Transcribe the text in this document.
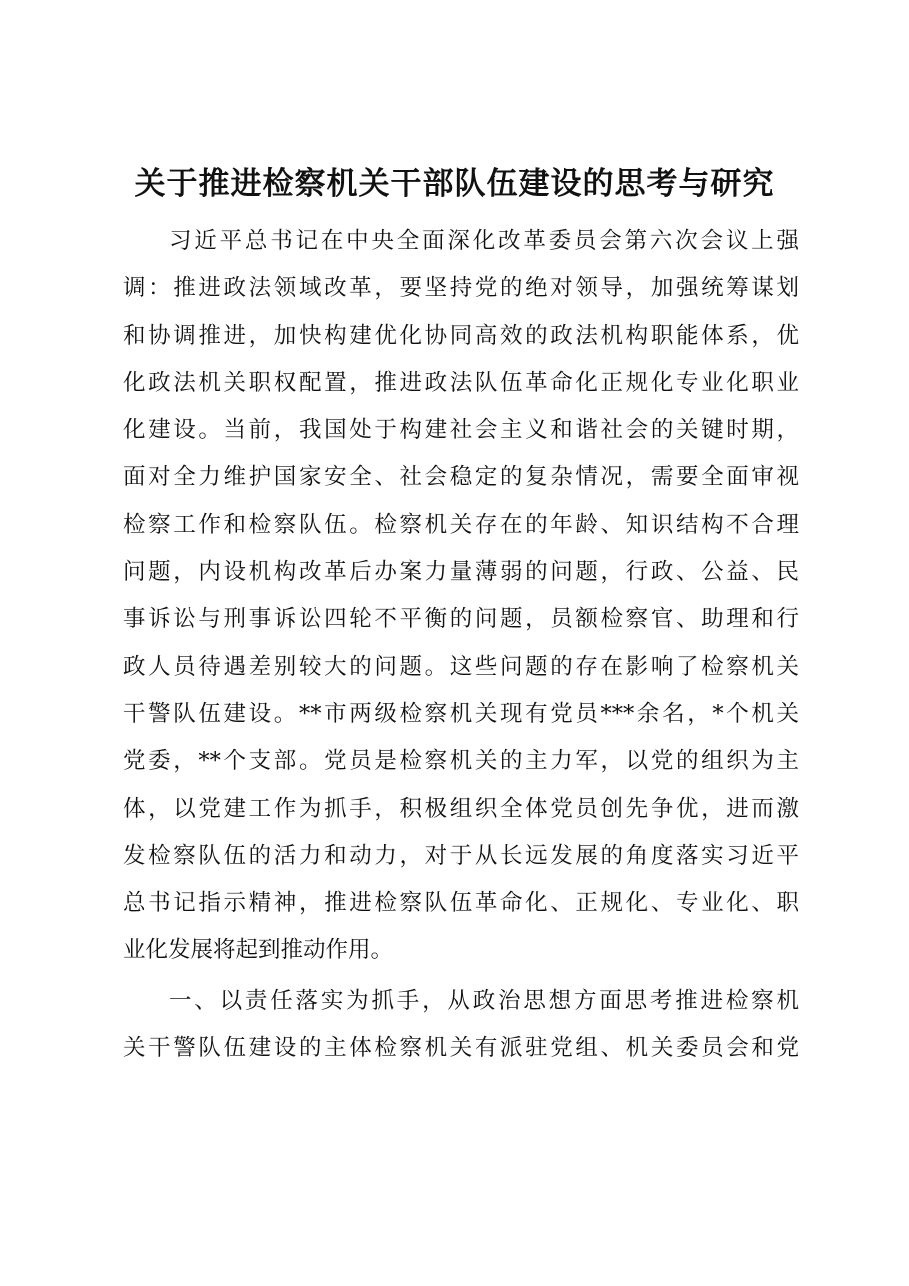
关于推进检察机关干部队伍建设的思考与研究
习近平总书记在中央全面深化改革委员会第六次会议上强
调：推进政法领域改革，要坚持党的绝对领导，加强统筹谋划
和协调推进，加快构建优化协同高效的政法机构职能体系，优
化政法机关职权配置，推进政法队伍革命化正规化专业化职业
化建设。当前，我国处于构建社会主义和谐社会的关键时期，
面对全力维护国家安全、社会稳定的复杂情况，需要全面审视
检察工作和检察队伍。检察机关存在的年龄、知识结构不合理
问题，内设机构改革后办案力量薄弱的问题，行政、公益、民
事诉讼与刑事诉讼四轮不平衡的问题，员额检察官、助理和行
政人员待遇差别较大的问题。这些问题的存在影响了检察机关
干警队伍建设。**市两级检察机关现有党员***余名，*个机关
党委，**个支部。党员是检察机关的主力军，以党的组织为主
体，以党建工作为抓手，积极组织全体党员创先争优，进而激
发检察队伍的活力和动力，对于从长远发展的角度落实习近平
总书记指示精神，推进检察队伍革命化、正规化、专业化、职
业化发展将起到推动作用。
一、以责任落实为抓手，从政治思想方面思考推进检察机
关干警队伍建设的主体检察机关有派驻党组、机关委员会和党
